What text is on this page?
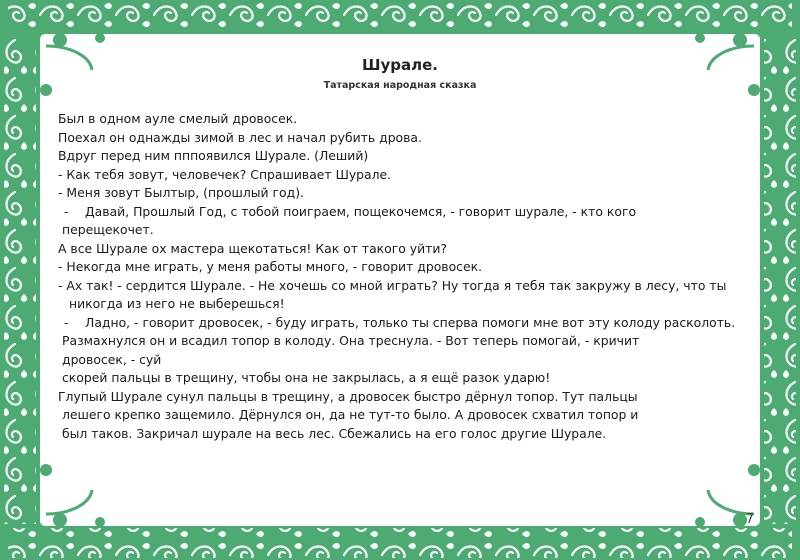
Шурале.
Татарская народная сказка
Был в одном ауле смелый дровосек.
Поехал он однажды зимой в лес и начал рубить дрова.
Вдруг перед ним пппоявился Шурале. (Леший)
- Как тебя зовут, человечек? Спрашивает Шурале.
- Меня зовут Былтыр, (прошлый год).
- Давай, Прошлый Год, с тобой поиграем, пощекочемся, - говорит шурале, - кто кого
перещекочет.
А все Шурале ох мастера щекотаться! Как от такого уйти?
- Некогда мне играть, у меня работы много, - говорит дровосек.
- Ах так! - сердится Шурале. - Не хочешь со мной играть? Ну тогда я тебя так закружу в лесу, что ты никогда из него не выберешься!
- Ладно, - говорит дровосек, - буду играть, только ты сперва помоги мне вот эту колоду расколоть.
Размахнулся он и всадил топор в колоду. Она треснула. - Вот теперь помогай, - кричит
дровосек, - суй
скорей пальцы в трещину, чтобы она не закрылась, а я ещё разок ударю!
Глупый Шурале сунул пальцы в трещину, а дровосек быстро дёрнул топор. Тут пальцы
лешего крепко защемило. Дёрнулся он, да не тут-то было. А дровосек схватил топор и
был таков. Закричал шурале на весь лес. Сбежались на его голос другие Шурале.
7
